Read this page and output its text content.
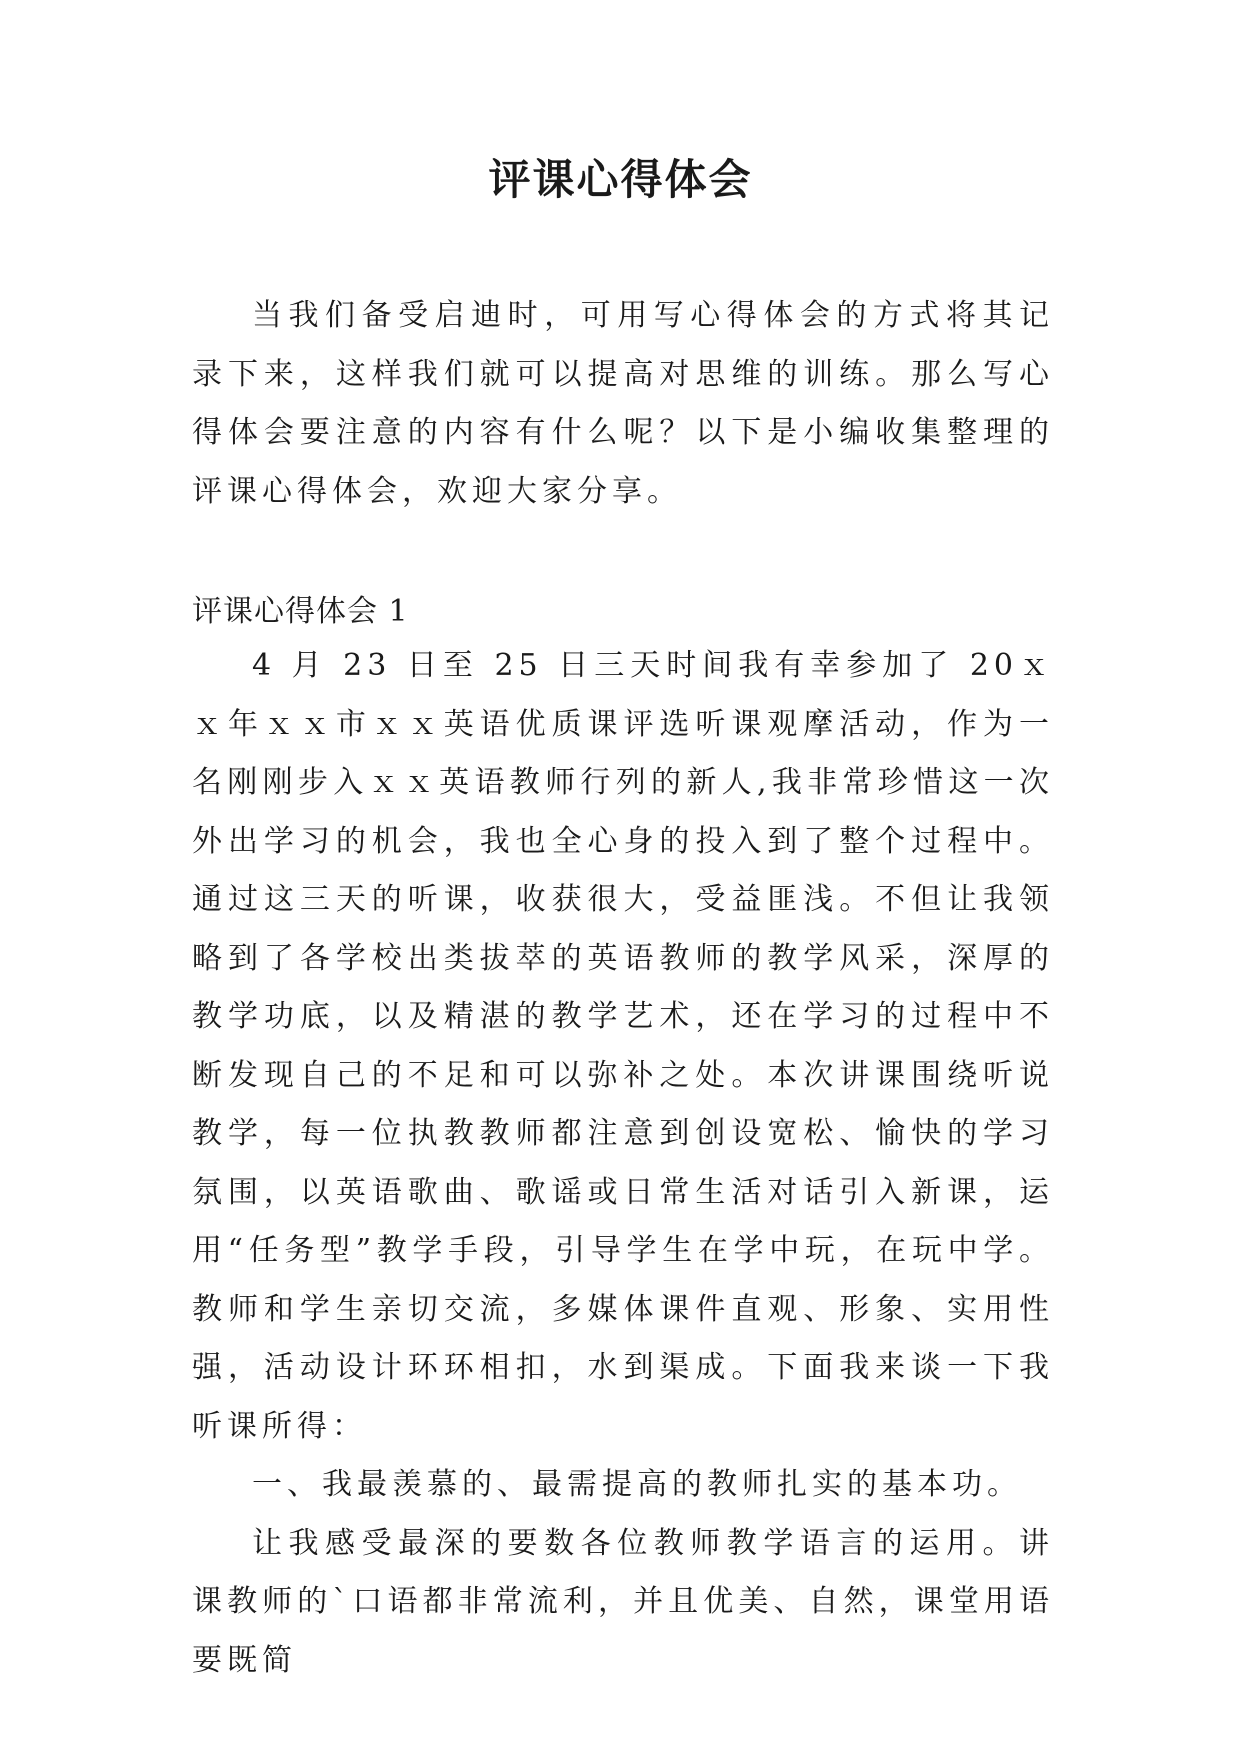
评课心得体会

当我们备受启迪时，可用写心得体会的方式将其记录下来，这样我们就可以提高对思维的训练。那么写心得体会要注意的内容有什么呢？以下是小编收集整理的评课心得体会，欢迎大家分享。

评课心得体会 1

4 月 23 日至 25 日三天时间我有幸参加了 20ｘｘ年ｘｘ市ｘｘ英语优质课评选听课观摩活动，作为一名刚刚步入ｘｘ英语教师行列的新人,我非常珍惜这一次外出学习的机会，我也全心身的投入到了整个过程中。通过这三天的听课，收获很大，受益匪浅。不但让我领略到了各学校出类拔萃的英语教师的教学风采，深厚的教学功底，以及精湛的教学艺术，还在学习的过程中不断发现自己的不足和可以弥补之处。本次讲课围绕听说教学，每一位执教教师都注意到创设宽松、愉快的学习氛围，以英语歌曲、歌谣或日常生活对话引入新课，运用“任务型”教学手段，引导学生在学中玩，在玩中学。教师和学生亲切交流，多媒体课件直观、形象、实用性强，活动设计环环相扣，水到渠成。下面我来谈一下我听课所得：

一、我最羡慕的、最需提高的教师扎实的基本功。

让我感受最深的要数各位教师教学语言的运用。讲课教师的`口语都非常流利，并且优美、自然，课堂用语要既简
